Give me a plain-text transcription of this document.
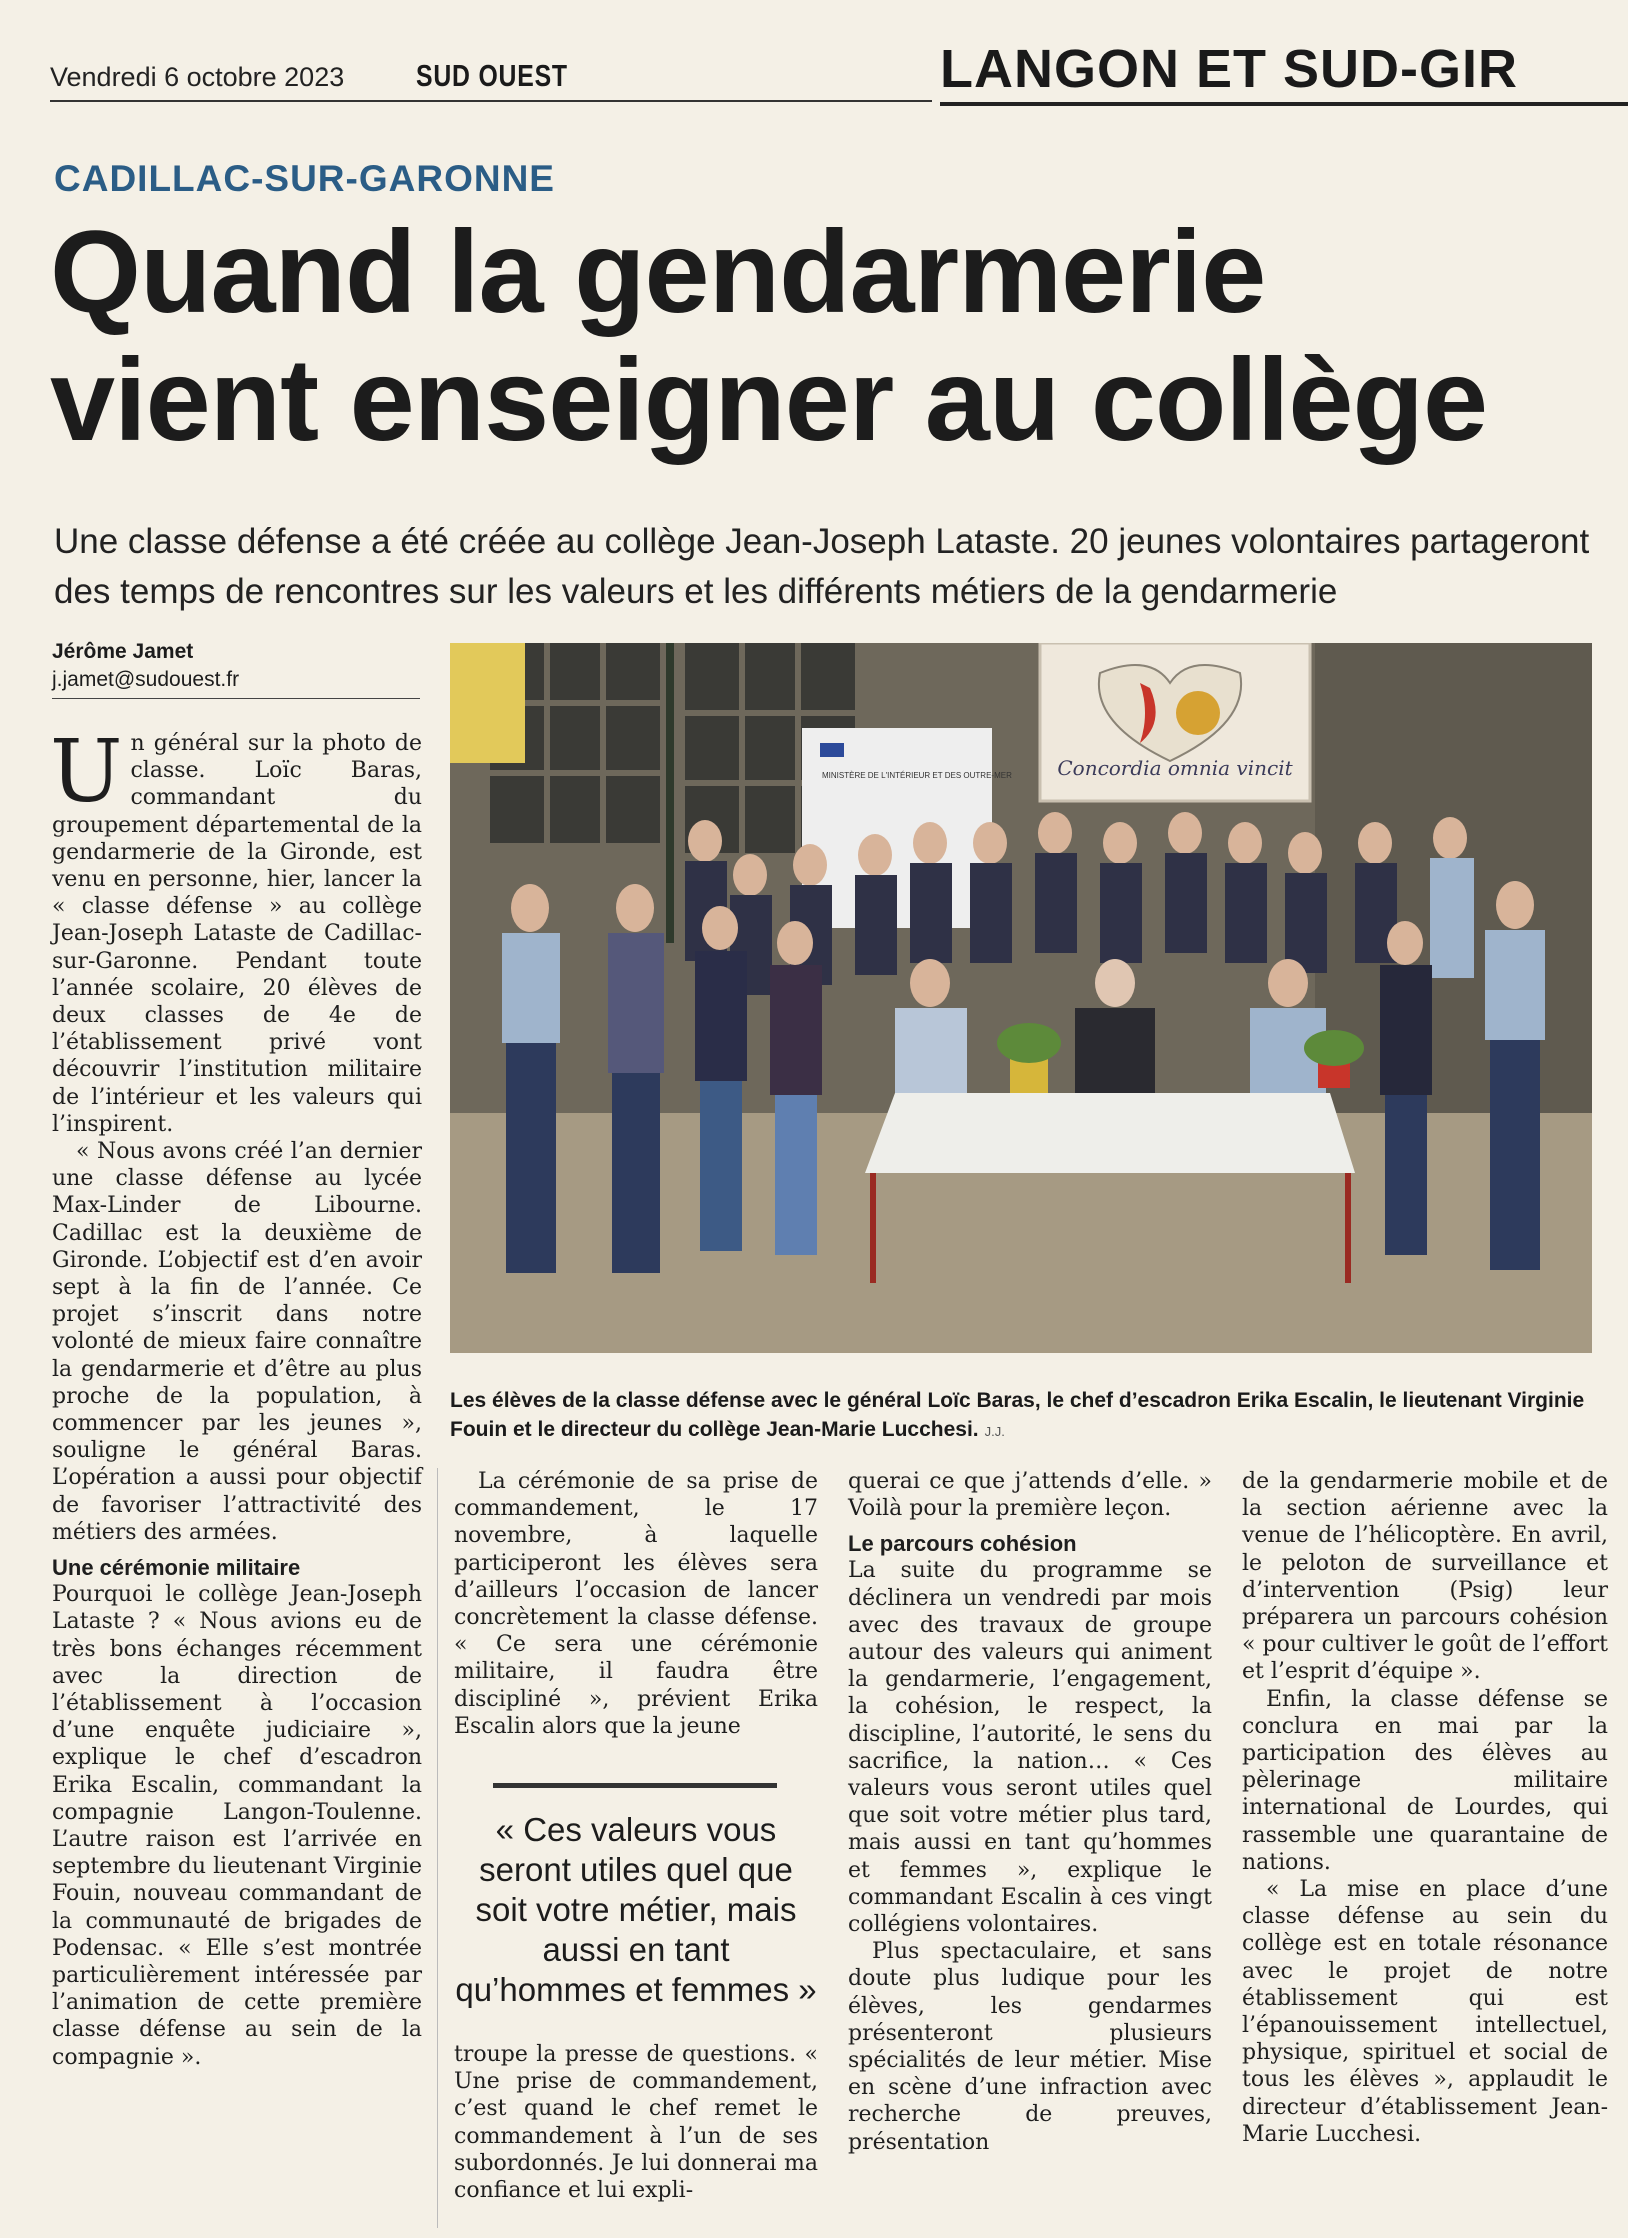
Vendredi 6 octobre 2023 SUD OUEST	LANGON ET SUD-GIR
CADILLAC-SUR-GARONNE
Quand la gendarmerie
vient enseigner au collège
Une classe défense a été créée au collège Jean-Joseph Lataste. 20 jeunes volontaires partageront des temps de rencontres sur les valeurs et les différents métiers de la gendarmerie
Jérôme Jamet
j.jamet@sudouest.fr
MINISTÈRE DE L'INTÉRIEUR ET DES OUTRE-MER Concordia omnia vincit
Les élèves de la classe défense avec le général Loïc Baras, le chef d’escadron Erika Escalin, le lieutenant Virginie Fouin et le directeur du collège Jean-Marie Lucchesi. J.J.

Un général sur la photo de classe. Loïc Baras, commandant du groupement départemental de la gendarmerie de la Gironde, est venu en personne, hier, lancer la « classe défense » au collège Jean-Joseph Lataste de Cadillac-sur-Garonne. Pendant toute l’année scolaire, 20 élèves de deux classes de 4e de l’établissement privé vont découvrir l’institution militaire de l’intérieur et les valeurs qui l’inspirent.

« Nous avons créé l’an dernier une classe défense au lycée Max-Linder de Libourne. Cadillac est la deuxième de Gironde. L’objectif est d’en avoir sept à la fin de l’année. Ce projet s’inscrit dans notre volonté de mieux faire connaître la gendarmerie et d’être au plus proche de la population, à commencer par les jeunes », souligne le général Baras. L’opération a aussi pour objectif de favoriser l’attractivité des métiers des armées.

Une cérémonie militaire

Pourquoi le collège Jean-Joseph Lataste ? « Nous avions eu de très bons échanges récemment avec la direction de l’établissement à l’occasion d’une enquête judiciaire », explique le chef d’escadron Erika Escalin, commandant la compagnie Langon-Toulenne. L’autre raison est l’arrivée en septembre du lieutenant Virginie Fouin, nouveau commandant de la communauté de brigades de Podensac. « Elle s’est montrée particulièrement intéressée par l’animation de cette première classe défense au sein de la compagnie ».

La cérémonie de sa prise de commandement, le 17 novembre, à laquelle participeront les élèves sera d’ailleurs l’occasion de lancer concrètement la classe défense. « Ce sera une cérémonie militaire, il faudra être discipliné », prévient Erika Escalin alors que la jeune

« Ces valeurs vous seront utiles quel que soit votre métier, mais aussi en tant qu’hommes et femmes »

troupe la presse de questions. « Une prise de commandement, c’est quand le chef remet le commandement à l’un de ses subordonnés. Je lui donnerai ma confiance et lui expli-

querai ce que j’attends d’elle. » Voilà pour la première leçon.

Le parcours cohésion

La suite du programme se déclinera un vendredi par mois avec des travaux de groupe autour des valeurs qui animent la gendarmerie, l’engagement, la cohésion, le respect, la discipline, l’autorité, le sens du sacrifice, la nation… « Ces valeurs vous seront utiles quel que soit votre métier plus tard, mais aussi en tant qu’hommes et femmes », explique le commandant Escalin à ces vingt collégiens volontaires.

Plus spectaculaire, et sans doute plus ludique pour les élèves, les gendarmes présenteront plusieurs spécialités de leur métier. Mise en scène d’une infraction avec recherche de preuves, présentation

de la gendarmerie mobile et de la section aérienne avec la venue de l’hélicoptère. En avril, le peloton de surveillance et d’intervention (Psig) leur préparera un parcours cohésion « pour cultiver le goût de l’effort et l’esprit d’équipe ».

Enfin, la classe défense se conclura en mai par la participation des élèves au pèlerinage militaire international de Lourdes, qui rassemble une quarantaine de nations.

« La mise en place d’une classe défense au sein du collège est en totale résonance avec le projet de notre établissement qui est l’épanouissement intellectuel, physique, spirituel et social de tous les élèves », applaudit le directeur d’établissement Jean-Marie Lucchesi.
